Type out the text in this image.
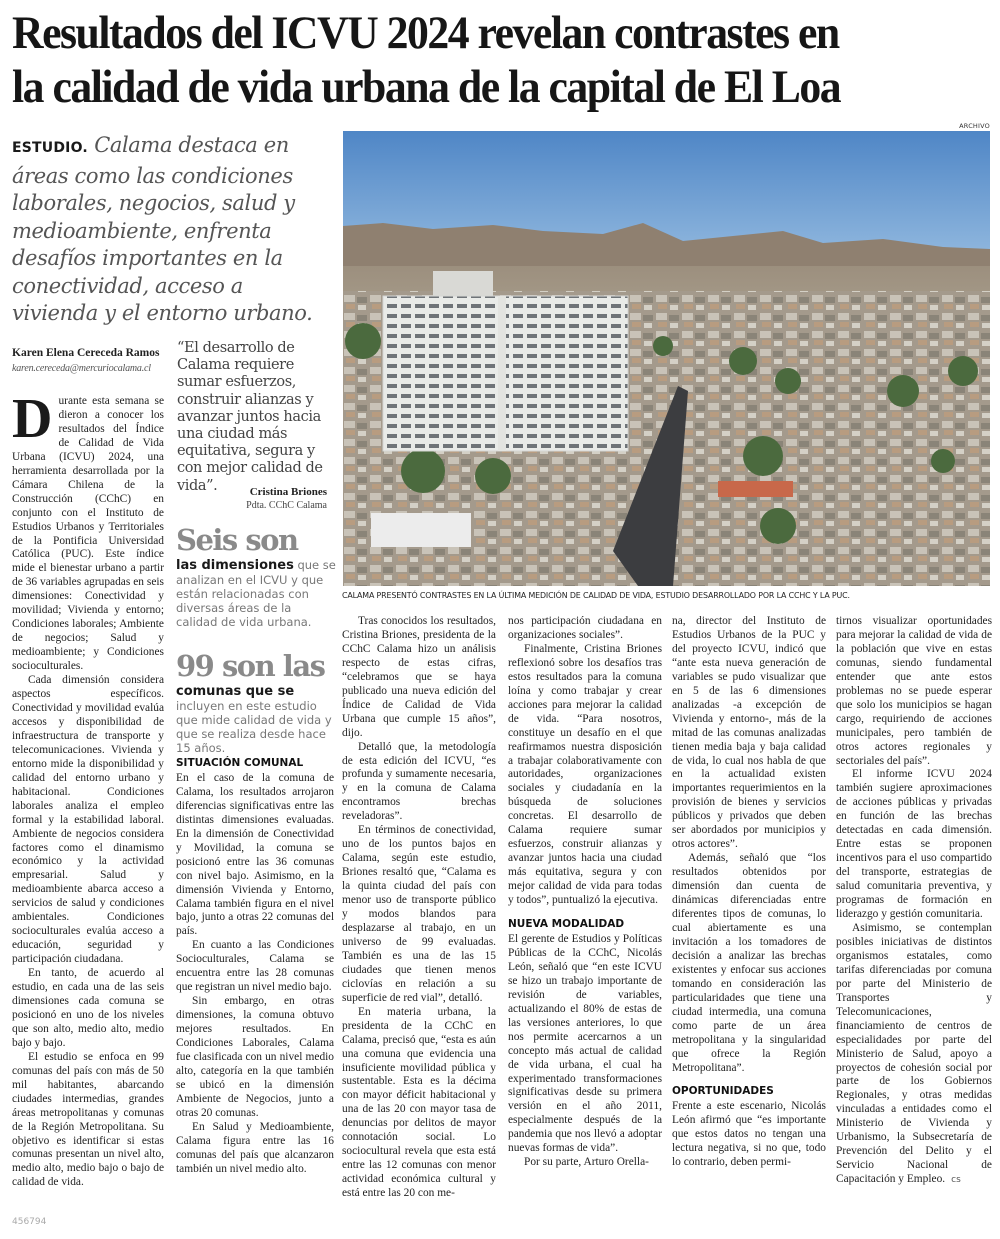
Resultados del ICVU 2024 revelan contrastes en
la calidad de vida urbana de la capital de El Loa
ESTUDIO. Calama destaca en áreas como las condiciones laborales, negocios, salud y medioambiente, enfrenta desafíos importantes en la conectividad, acceso a vivienda y el entorno urbano.
Karen Elena Cereceda Ramos
karen.cereceda@mercuriocalama.cl
“El desarrollo de Calama requiere sumar esfuerzos, construir alianzas y avanzar juntos hacia una ciudad más equitativa, segura y con mejor calidad de vida”.	Cristina Briones
Pdta. CChC Calama
Seis son
las dimensiones que se analizan en el ICVU y que están relacionadas con diversas áreas de la calidad de vida urbana.
99 son las
comunas que se incluyen en este estudio que mide calidad de vida y que se realiza desde hace 15 años.
ARCHIVO
CALAMA PRESENTÓ CONTRASTES EN LA ÚLTIMA MEDICIÓN DE CALIDAD DE VIDA, ESTUDIO DESARROLLADO POR LA CCHC Y LA PUC.

Durante esta semana se dieron a conocer los resultados del Índice de Calidad de Vida Urbana (ICVU) 2024, una herramienta desarrollada por la Cámara Chilena de la Construcción (CChC) en conjunto con el Instituto de Estudios Urbanos y Territoriales de la Pontificia Universidad Católica (PUC). Este índice mide el bienestar urbano a partir de 36 variables agrupadas en seis dimensiones: Conectividad y movilidad; Vivienda y entorno; Condiciones laborales; Ambiente de negocios; Salud y medioambiente; y Condiciones socioculturales.

Cada dimensión considera aspectos específicos. Conectividad y movilidad evalúa accesos y disponibilidad de infraestructura de transporte y telecomunicaciones. Vivienda y entorno mide la disponibilidad y calidad del entorno urbano y habitacional. Condiciones laborales analiza el empleo formal y la estabilidad laboral. Ambiente de negocios considera factores como el dinamismo económico y la actividad empresarial. Salud y medioambiente abarca acceso a servicios de salud y condiciones ambientales. Condiciones socioculturales evalúa acceso a educación, seguridad y participación ciudadana.

En tanto, de acuerdo al estudio, en cada una de las seis dimensiones cada comuna se posicionó en uno de los niveles que son alto, medio alto, medio bajo y bajo.

El estudio se enfoca en 99 comunas del país con más de 50 mil habitantes, abarcando ciudades intermedias, grandes áreas metropolitanas y comunas de la Región Metropolitana. Su objetivo es identificar si estas comunas presentan un nivel alto, medio alto, medio bajo o bajo de calidad de vida.

SITUACIÓN COMUNAL

En el caso de la comuna de Calama, los resultados arrojaron diferencias significativas entre las distintas dimensiones evaluadas. En la dimensión de Conectividad y Movilidad, la comuna se posicionó entre las 36 comunas con nivel bajo. Asimismo, en la dimensión Vivienda y Entorno, Calama también figura en el nivel bajo, junto a otras 22 comunas del país.

En cuanto a las Condiciones Socioculturales, Calama se encuentra entre las 28 comunas que registran un nivel medio bajo.

Sin embargo, en otras dimensiones, la comuna obtuvo mejores resultados. En Condiciones Laborales, Calama fue clasificada con un nivel medio alto, categoría en la que también se ubicó en la dimensión Ambiente de Negocios, junto a otras 20 comunas.

En Salud y Medioambiente, Calama figura entre las 16 comunas del país que alcanzaron también un nivel medio alto.

Tras conocidos los resultados, Cristina Briones, presidenta de la CChC Calama hizo un análisis respecto de estas cifras, “celebramos que se haya publicado una nueva edición del Índice de Calidad de Vida Urbana que cumple 15 años”, dijo.

Detalló que, la metodología de esta edición del ICVU, “es profunda y sumamente necesaria, y en la comuna de Calama encontramos brechas reveladoras”.

En términos de conectividad, uno de los puntos bajos en Calama, según este estudio, Briones resaltó que, “Calama es la quinta ciudad del país con menor uso de transporte público y modos blandos para desplazarse al trabajo, en un universo de 99 evaluadas. También es una de las 15 ciudades que tienen menos ciclovías en relación a su superficie de red vial”, detalló.

En materia urbana, la presidenta de la CChC en Calama, precisó que, “esta es aún una comuna que evidencia una insuficiente movilidad pública y sustentable. Esta es la décima con mayor déficit habitacional y una de las 20 con mayor tasa de denuncias por delitos de mayor connotación social. Lo sociocultural revela que esta está entre las 12 comunas con menor actividad económica cultural y está entre las 20 con me-

nos participación ciudadana en organizaciones sociales”.

Finalmente, Cristina Briones reflexionó sobre los desafíos tras estos resultados para la comuna loína y como trabajar y crear acciones para mejorar la calidad de vida. “Para nosotros, constituye un desafío en el que reafirmamos nuestra disposición a trabajar colaborativamente con autoridades, organizaciones sociales y ciudadanía en la búsqueda de soluciones concretas. El desarrollo de Calama requiere sumar esfuerzos, construir alianzas y avanzar juntos hacia una ciudad más equitativa, segura y con mejor calidad de vida para todas y todos”, puntualizó la ejecutiva.

NUEVA MODALIDAD

El gerente de Estudios y Políticas Públicas de la CChC, Nicolás León, señaló que “en este ICVU se hizo un trabajo importante de revisión de variables, actualizando el 80% de estas de las versiones anteriores, lo que nos permite acercarnos a un concepto más actual de calidad de vida urbana, el cual ha experimentado transformaciones significativas desde su primera versión en el año 2011, especialmente después de la pandemia que nos llevó a adoptar nuevas formas de vida”.

Por su parte, Arturo Orella-

na, director del Instituto de Estudios Urbanos de la PUC y del proyecto ICVU, indicó que “ante esta nueva generación de variables se pudo visualizar que en 5 de las 6 dimensiones analizadas -a excepción de Vivienda y entorno-, más de la mitad de las comunas analizadas tienen media baja y baja calidad de vida, lo cual nos habla de que en la actualidad existen importantes requerimientos en la provisión de bienes y servicios públicos y privados que deben ser abordados por municipios y otros actores”.

Además, señaló que “los resultados obtenidos por dimensión dan cuenta de dinámicas diferenciadas entre diferentes tipos de comunas, lo cual abiertamente es una invitación a los tomadores de decisión a analizar las brechas existentes y enfocar sus acciones tomando en consideración las particularidades que tiene una ciudad intermedia, una comuna como parte de un área metropolitana y la singularidad que ofrece la Región Metropolitana”.

OPORTUNIDADES

Frente a este escenario, Nicolás León afirmó que “es importante que estos datos no tengan una lectura negativa, si no que, todo lo contrario, deben permi-

tirnos visualizar oportunidades para mejorar la calidad de vida de la población que vive en estas comunas, siendo fundamental entender que ante estos problemas no se puede esperar que solo los municipios se hagan cargo, requiriendo de acciones municipales, pero también de otros actores regionales y sectoriales del país”.

El informe ICVU 2024 también sugiere aproximaciones de acciones públicas y privadas en función de las brechas detectadas en cada dimensión. Entre estas se proponen incentivos para el uso compartido del transporte, estrategias de salud comunitaria preventiva, y programas de formación en liderazgo y gestión comunitaria.

Asimismo, se contemplan posibles iniciativas de distintos organismos estatales, como tarifas diferenciadas por comuna por parte del Ministerio de Transportes y Telecomunicaciones, financiamiento de centros de especialidades por parte del Ministerio de Salud, apoyo a proyectos de cohesión social por parte de los Gobiernos Regionales, y otras medidas vinculadas a entidades como el Ministerio de Vivienda y Urbanismo, la Subsecretaría de Prevención del Delito y el Servicio Nacional de Capacitación y Empleo. cs

456794
